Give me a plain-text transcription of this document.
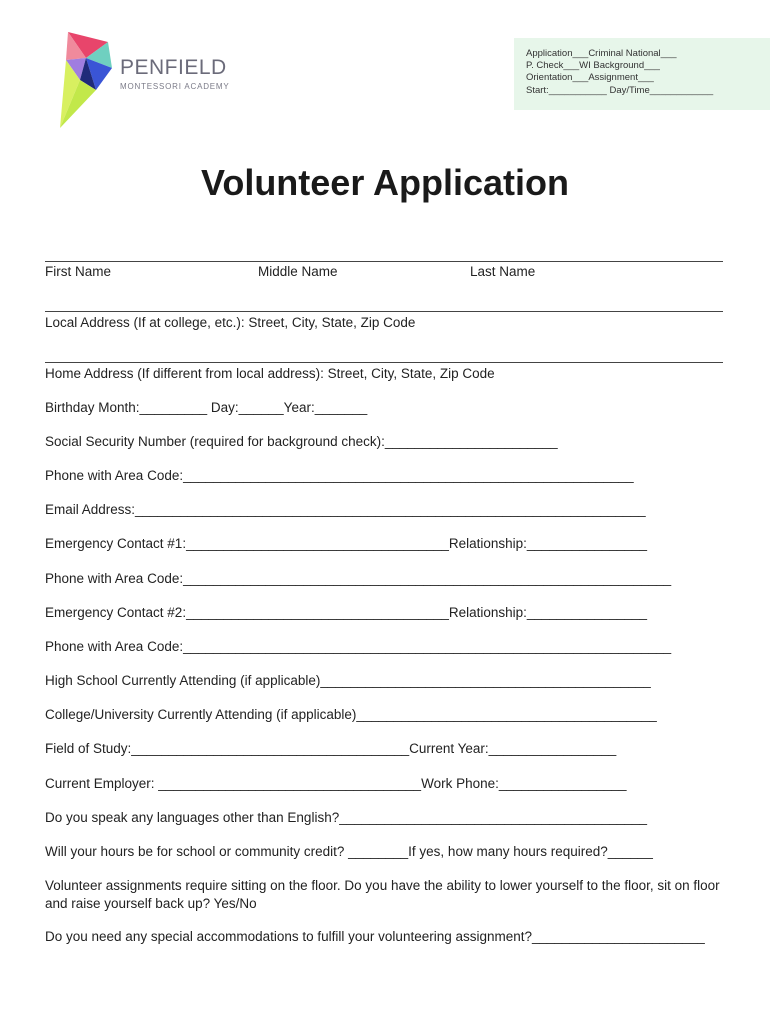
PENFIELD
MONTESSORI ACADEMY
Application___Criminal National___
P. Check___WI Background___
Orientation___Assignment___
Start:___________ Day/Time____________
Volunteer Application
First Name	Middle Name	Last Name
Local Address (If at college, etc.): Street, City, State, Zip Code
Home Address (If different from local address): Street, City, State, Zip Code
Birthday Month:_________ Day:______Year:_______
Social Security Number (required for background check):_______________________
Phone with Area Code:____________________________________________________________
Email Address:____________________________________________________________________
Emergency Contact #1:___________________________________Relationship:________________
Phone with Area Code:_________________________________________________________________
Emergency Contact #2:___________________________________Relationship:________________
Phone with Area Code:_________________________________________________________________
High School Currently Attending (if applicable)____________________________________________
College/University Currently Attending (if applicable)________________________________________
Field of Study:_____________________________________Current Year:_________________
Current Employer: ___________________________________Work Phone:_________________
Do you speak any languages other than English?_________________________________________
Will your hours be for school or community credit? ________If yes, how many hours required?______
Volunteer assignments require sitting on the floor. Do you have the ability to lower yourself to the floor, sit on floor and raise yourself back up? Yes/No
Do you need any special accommodations to fulfill your volunteering assignment?_______________________
